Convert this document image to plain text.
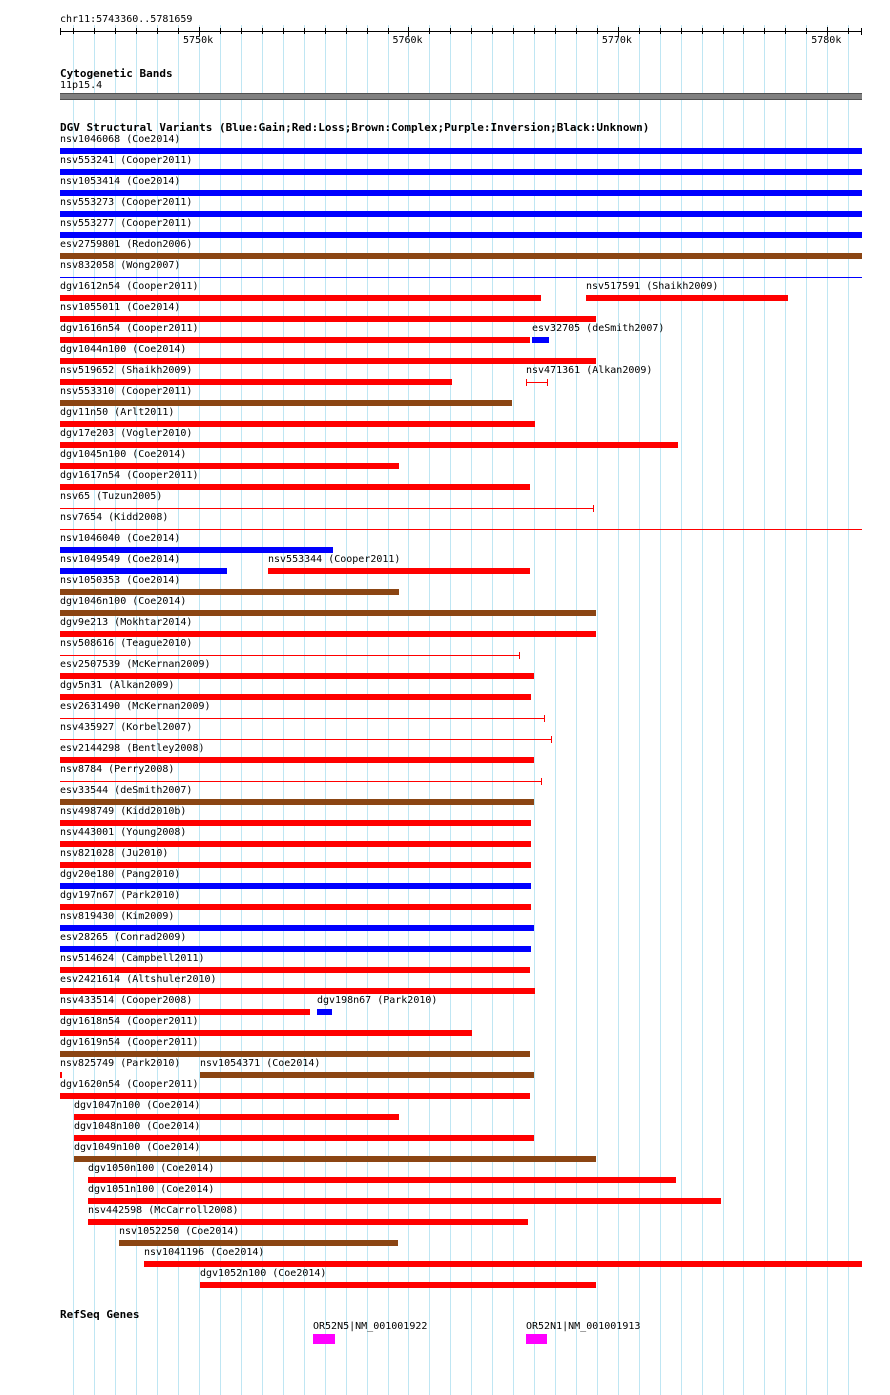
chr11:5743360..5781659
5750k	5760k	5770k	5780k
Cytogenetic Bands
11p15.4
DGV Structural Variants (Blue:Gain;Red:Loss;Brown:Complex;Purple:Inversion;Black:Unknown)
nsv1046068 (Coe2014)
nsv553241 (Cooper2011)
nsv1053414 (Coe2014)
nsv553273 (Cooper2011)
nsv553277 (Cooper2011)
esv2759801 (Redon2006)
nsv832058 (Wong2007)
dgv1612n54 (Cooper2011)	nsv517591 (Shaikh2009)
nsv1055011 (Coe2014)
dgv1616n54 (Cooper2011)	esv32705 (deSmith2007)
dgv1044n100 (Coe2014)
nsv519652 (Shaikh2009)	nsv471361 (Alkan2009)
nsv553310 (Cooper2011)
dgv11n50 (Arlt2011)
dgv17e203 (Vogler2010)
dgv1045n100 (Coe2014)
dgv1617n54 (Cooper2011)
nsv65 (Tuzun2005)
nsv7654 (Kidd2008)
nsv1046040 (Coe2014)
nsv1049549 (Coe2014)	nsv553344 (Cooper2011)
nsv1050353 (Coe2014)
dgv1046n100 (Coe2014)
dgv9e213 (Mokhtar2014)
nsv508616 (Teague2010)
esv2507539 (McKernan2009)
dgv5n31 (Alkan2009)
esv2631490 (McKernan2009)
nsv435927 (Korbel2007)
esv2144298 (Bentley2008)
nsv8784 (Perry2008)
esv33544 (deSmith2007)
nsv498749 (Kidd2010b)
nsv443001 (Young2008)
nsv821028 (Ju2010)
dgv20e180 (Pang2010)
dgv197n67 (Park2010)
nsv819430 (Kim2009)
esv28265 (Conrad2009)
nsv514624 (Campbell2011)
esv2421614 (Altshuler2010)
nsv433514 (Cooper2008)	dgv198n67 (Park2010)
dgv1618n54 (Cooper2011)
dgv1619n54 (Cooper2011)
nsv825749 (Park2010) nsv1054371 (Coe2014)
dgv1620n54 (Cooper2011)
dgv1047n100 (Coe2014)
dgv1048n100 (Coe2014)
dgv1049n100 (Coe2014)
dgv1050n100 (Coe2014)
dgv1051n100 (Coe2014)
nsv442598 (McCarroll2008)
nsv1052250 (Coe2014)
nsv1041196 (Coe2014)
dgv1052n100 (Coe2014)
RefSeq Genes
OR52N5|NM_001001922	OR52N1|NM_001001913
